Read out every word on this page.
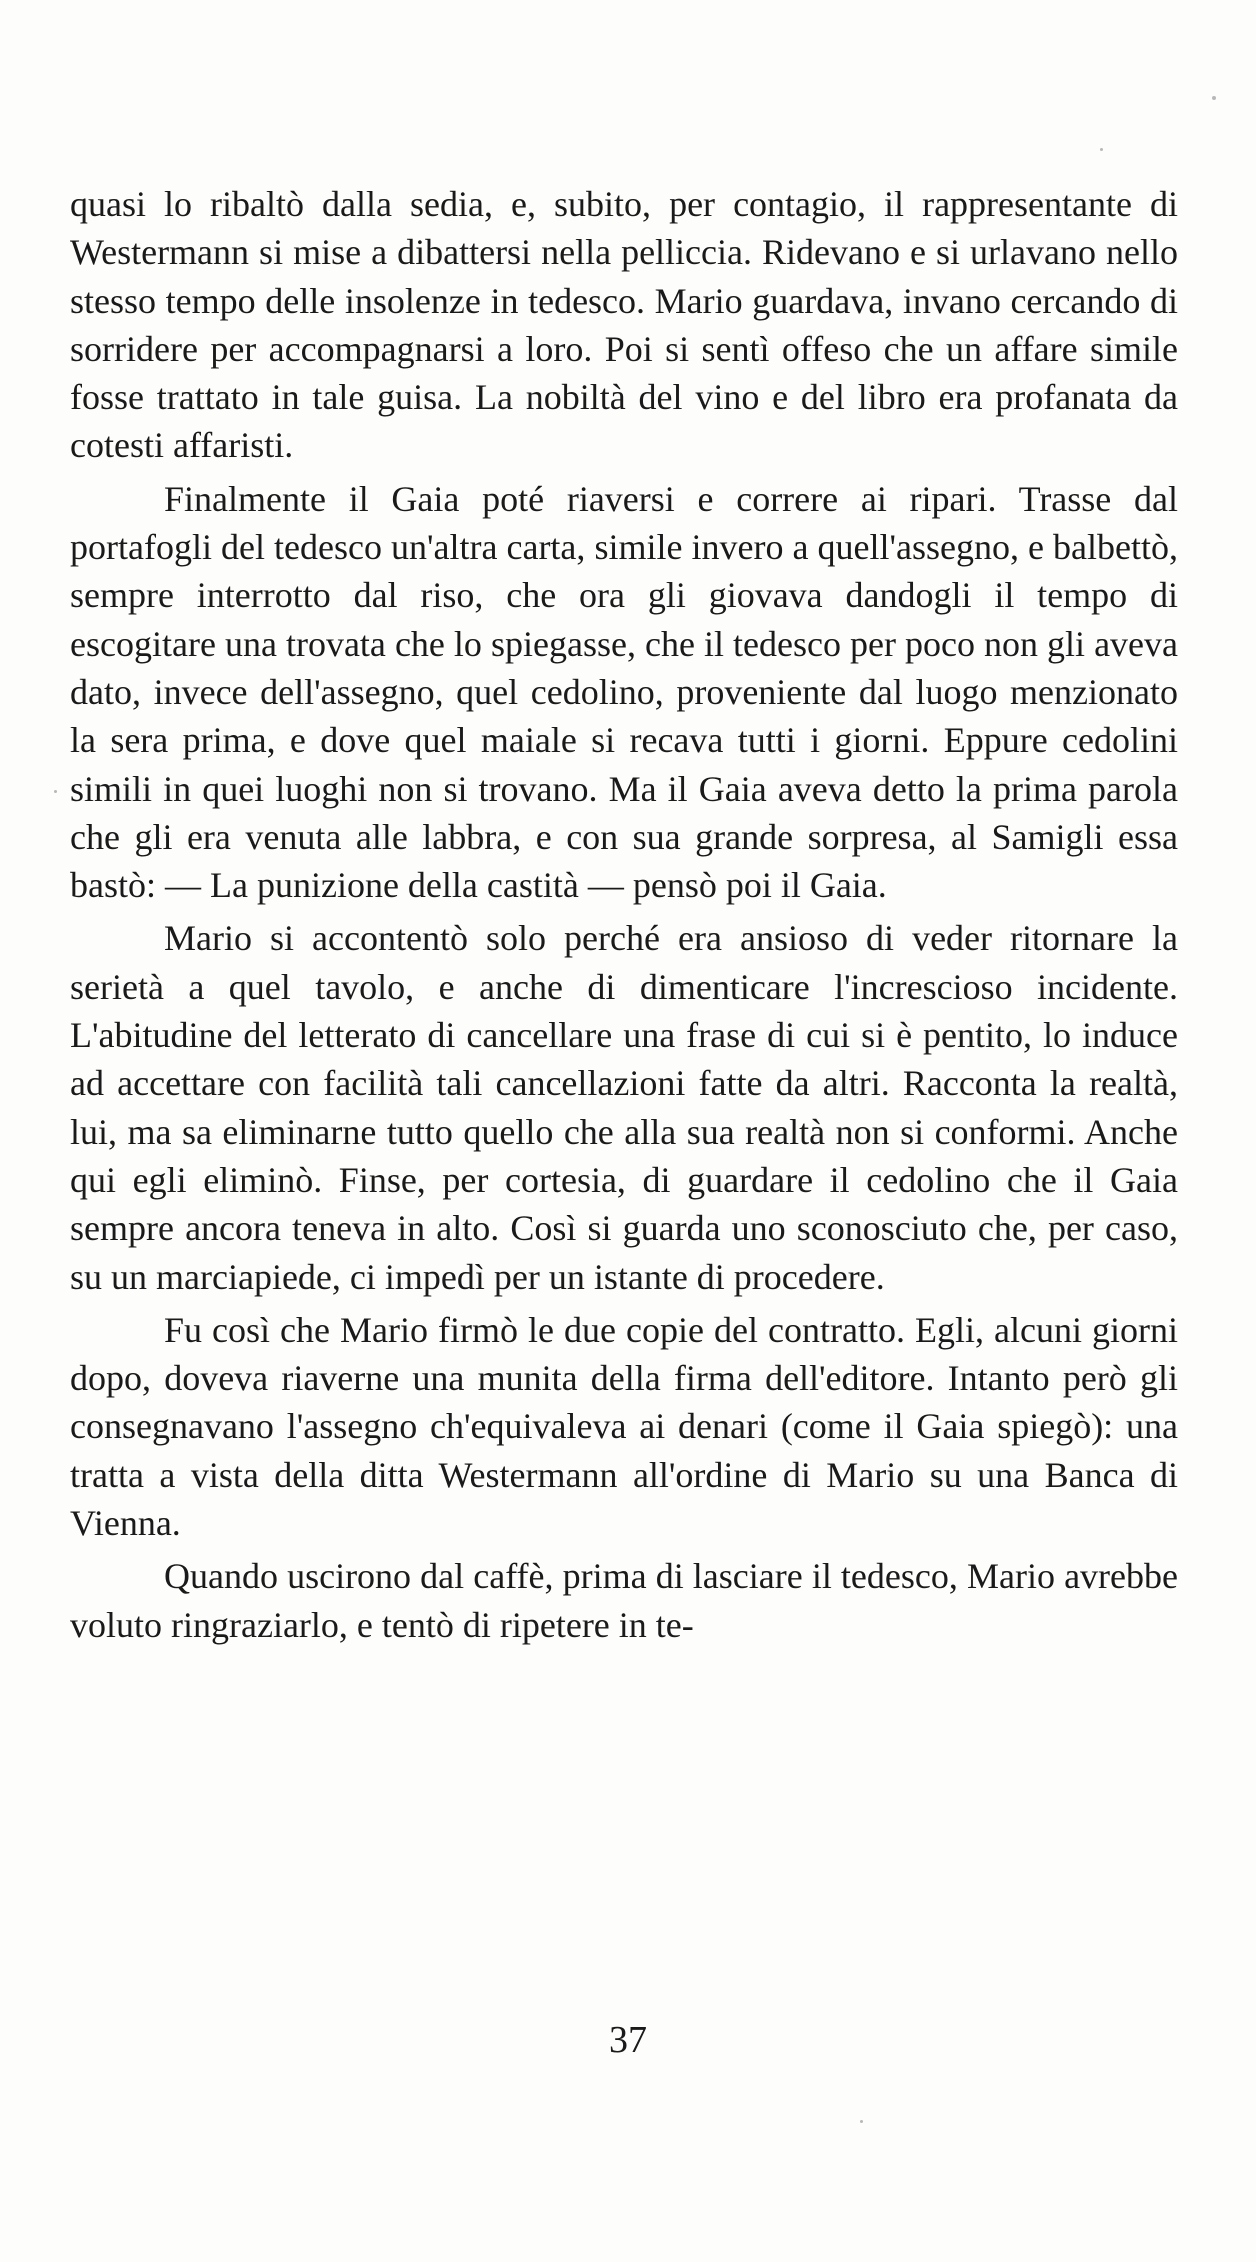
quasi lo ribaltò dalla sedia, e, subito, per contagio, il rappresentante di Westermann si mise a dibattersi nella pelliccia. Ridevano e si urlavano nello stesso tempo delle insolenze in tedesco. Mario guardava, invano cercando di sorridere per accompagnarsi a loro. Poi si sentì offeso che un affare simile fosse trattato in tale guisa. La nobiltà del vino e del libro era profanata da cotesti affaristi.

Finalmente il Gaia poté riaversi e correre ai ripari. Trasse dal portafogli del tedesco un'altra carta, simile invero a quell'assegno, e balbettò, sempre interrotto dal riso, che ora gli giovava dandogli il tempo di escogitare una trovata che lo spiegasse, che il tedesco per poco non gli aveva dato, invece dell'assegno, quel cedolino, proveniente dal luogo menzionato la sera prima, e dove quel maiale si recava tutti i giorni. Eppure cedolini simili in quei luoghi non si trovano. Ma il Gaia aveva detto la prima parola che gli era venuta alle labbra, e con sua grande sorpresa, al Samigli essa bastò: — La punizione della castità — pensò poi il Gaia.

Mario si accontentò solo perché era ansioso di veder ritornare la serietà a quel tavolo, e anche di dimenticare l'increscioso incidente. L'abitudine del letterato di cancellare una frase di cui si è pentito, lo induce ad accettare con facilità tali cancellazioni fatte da altri. Racconta la realtà, lui, ma sa eliminarne tutto quello che alla sua realtà non si conformi. Anche qui egli eliminò. Finse, per cortesia, di guardare il cedolino che il Gaia sempre ancora teneva in alto. Così si guarda uno sconosciuto che, per caso, su un marciapiede, ci impedì per un istante di procedere.

Fu così che Mario firmò le due copie del contratto. Egli, alcuni giorni dopo, doveva riaverne una munita della firma dell'editore. Intanto però gli consegnavano l'assegno ch'equivaleva ai denari (come il Gaia spiegò): una tratta a vista della ditta Westermann all'ordine di Mario su una Banca di Vienna.

Quando uscirono dal caffè, prima di lasciare il tedesco, Mario avrebbe voluto ringraziarlo, e tentò di ripetere in te-

37
